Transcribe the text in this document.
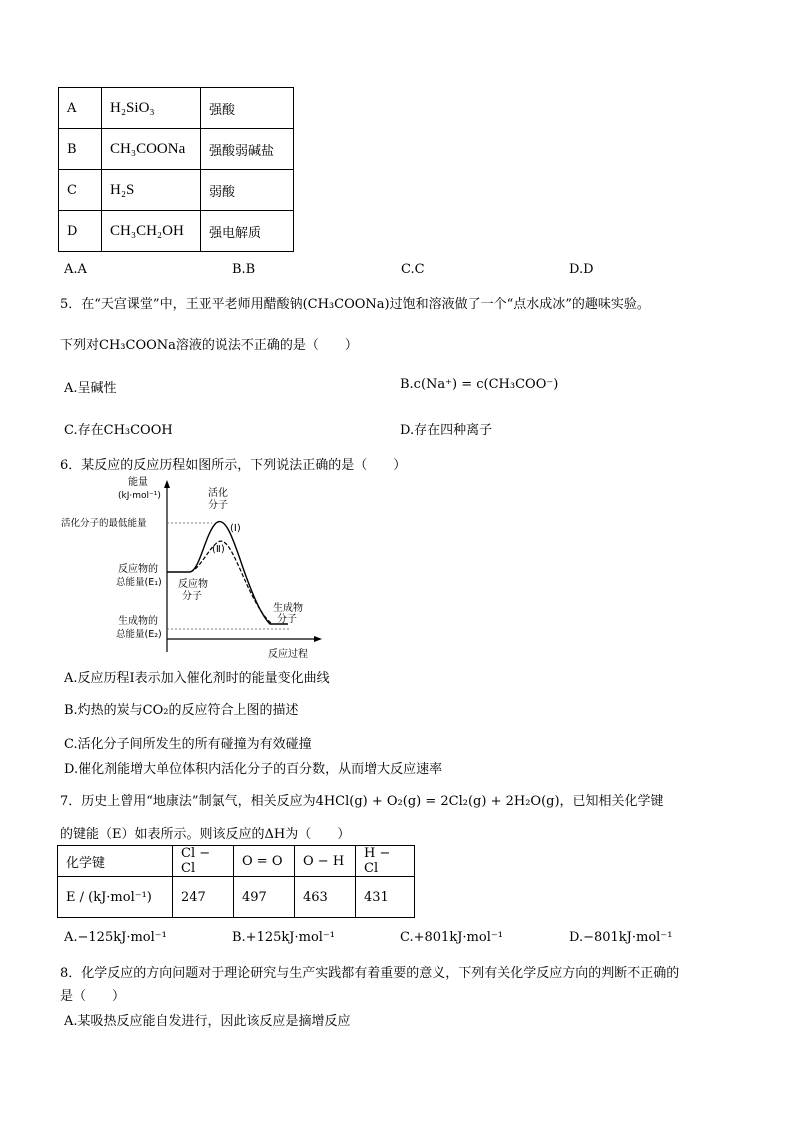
A	H₂SiO₃	强酸
B	CH₃COONa	强酸弱碱盐
C	H₂S	弱酸
D	CH₃CH₂OH	强电解质
A.A	B.B	C.C	D.D
5．在“天宫课堂”中，王亚平老师用醋酸钠(CH₃COONa)过饱和溶液做了一个“点水成冰”的趣味实验。
下列对CH₃COONa溶液的说法不正确的是（　　）
A.呈碱性	B.c(Na⁺) = c(CH₃COO⁻)
C.存在CH₃COOH	D.存在四种离子
6．某反应的反应历程如图所示，下列说法正确的是（　　）
能量
(kJ·mol⁻¹)	活化
分子
活化分子的最低能量	(Ⅰ)
(Ⅱ)
反应物的
总能量(E₁) 反应物
分子
生成物
分子
生成物的
总能量(E₂)
反应过程
A.反应历程Ⅰ表示加入催化剂时的能量变化曲线
B.灼热的炭与CO₂的反应符合上图的描述
C.活化分子间所发生的所有碰撞为有效碰撞
D.催化剂能增大单位体积内活化分子的百分数，从而增大反应速率
7．历史上曾用“地康法”制氯气，相关反应为4HCl(g) + O₂(g) = 2Cl₂(g) + 2H₂O(g)，已知相关化学键
的键能（E）如表所示。则该反应的ΔH为（　　）
化学键	Cl − Cl	O = O	O − H	H − Cl
E / (kJ·mol⁻¹)	247	497	463	431
A.−125kJ·mol⁻¹	B.+125kJ·mol⁻¹	C.+801kJ·mol⁻¹	D.−801kJ·mol⁻¹
8．化学反应的方向问题对于理论研究与生产实践都有着重要的意义，下列有关化学反应方向的判断不正确的
是（　　）
A.某吸热反应能自发进行，因此该反应是摘增反应
